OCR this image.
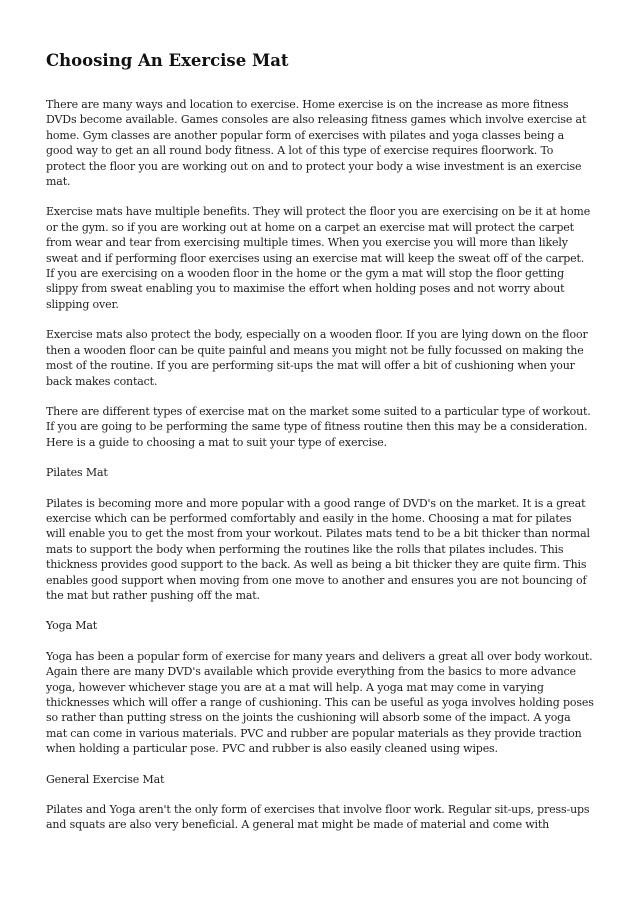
Choosing An Exercise Mat

There are many ways and location to exercise. Home exercise is on the increase as more fitness DVDs become available. Games consoles are also releasing fitness games which involve exercise at home. Gym classes are another popular form of exercises with pilates and yoga classes being a good way to get an all round body fitness. A lot of this type of exercise requires floorwork. To protect the floor you are working out on and to protect your body a wise investment is an exercise mat.

Exercise mats have multiple benefits. They will protect the floor you are exercising on be it at home or the gym. so if you are working out at home on a carpet an exercise mat will protect the carpet from wear and tear from exercising multiple times. When you exercise you will more than likely sweat and if performing floor exercises using an exercise mat will keep the sweat off of the carpet. If you are exercising on a wooden floor in the home or the gym a mat will stop the floor getting slippy from sweat enabling you to maximise the effort when holding poses and not worry about slipping over.

Exercise mats also protect the body, especially on a wooden floor. If you are lying down on the floor then a wooden floor can be quite painful and means you might not be fully focussed on making the most of the routine. If you are performing sit-ups the mat will offer a bit of cushioning when your back makes contact.

There are different types of exercise mat on the market some suited to a particular type of workout. If you are going to be performing the same type of fitness routine then this may be a consideration. Here is a guide to choosing a mat to suit your type of exercise.

Pilates Mat

Pilates is becoming more and more popular with a good range of DVD's on the market. It is a great exercise which can be performed comfortably and easily in the home. Choosing a mat for pilates will enable you to get the most from your workout. Pilates mats tend to be a bit thicker than normal mats to support the body when performing the routines like the rolls that pilates includes. This thickness provides good support to the back. As well as being a bit thicker they are quite firm. This enables good support when moving from one move to another and ensures you are not bouncing of the mat but rather pushing off the mat.

Yoga Mat

Yoga has been a popular form of exercise for many years and delivers a great all over body workout. Again there are many DVD's available which provide everything from the basics to more advance yoga, however whichever stage you are at a mat will help. A yoga mat may come in varying thicknesses which will offer a range of cushioning. This can be useful as yoga involves holding poses so rather than putting stress on the joints the cushioning will absorb some of the impact. A yoga mat can come in various materials. PVC and rubber are popular materials as they provide traction when holding a particular pose. PVC and rubber is also easily cleaned using wipes.

General Exercise Mat

Pilates and Yoga aren't the only form of exercises that involve floor work. Regular sit-ups, press-ups and squats are also very beneficial. A general mat might be made of material and come with
